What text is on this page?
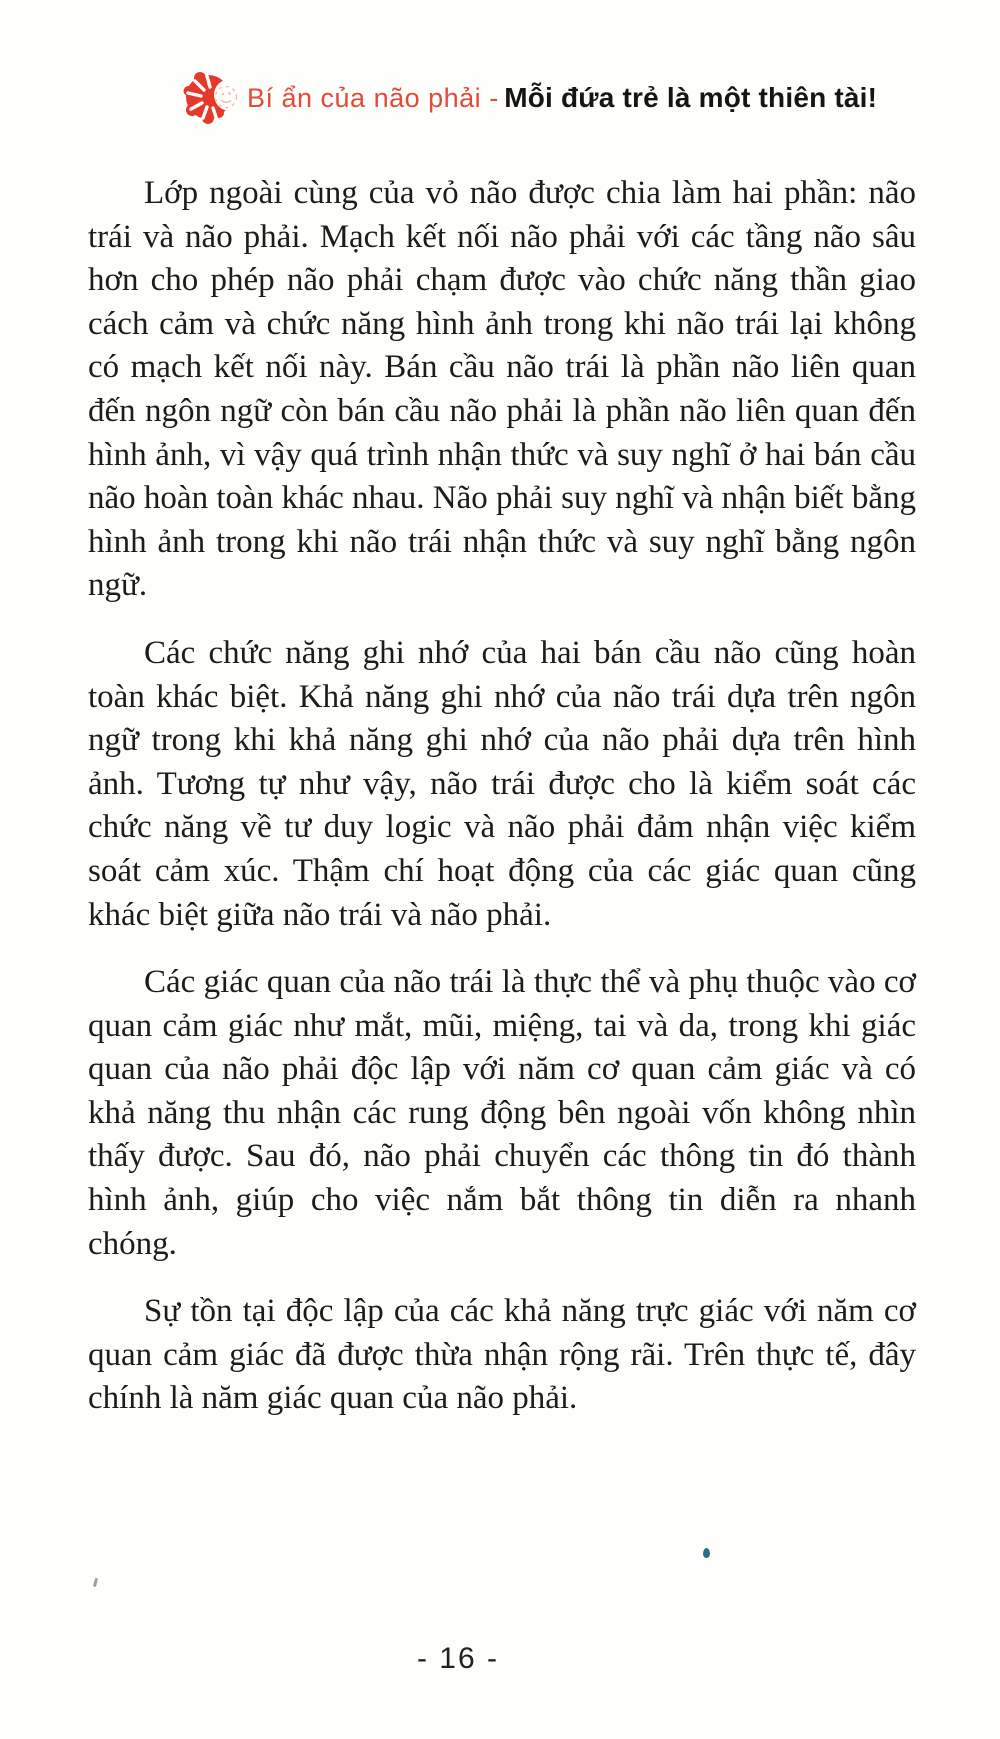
Bí ẩn của não phải - Mỗi đứa trẻ là một thiên tài!

Lớp ngoài cùng của vỏ não được chia làm hai phần: não trái và não phải. Mạch kết nối não phải với các tầng não sâu hơn cho phép não phải chạm được vào chức năng thần giao cách cảm và chức năng hình ảnh trong khi não trái lại không có mạch kết nối này. Bán cầu não trái là phần não liên quan đến ngôn ngữ còn bán cầu não phải là phần não liên quan đến hình ảnh, vì vậy quá trình nhận thức và suy nghĩ ở hai bán cầu não hoàn toàn khác nhau. Não phải suy nghĩ và nhận biết bằng hình ảnh trong khi não trái nhận thức và suy nghĩ bằng ngôn ngữ.

Các chức năng ghi nhớ của hai bán cầu não cũng hoàn toàn khác biệt. Khả năng ghi nhớ của não trái dựa trên ngôn ngữ trong khi khả năng ghi nhớ của não phải dựa trên hình ảnh. Tương tự như vậy, não trái được cho là kiểm soát các chức năng về tư duy logic và não phải đảm nhận việc kiểm soát cảm xúc. Thậm chí hoạt động của các giác quan cũng khác biệt giữa não trái và não phải.

Các giác quan của não trái là thực thể và phụ thuộc vào cơ quan cảm giác như mắt, mũi, miệng, tai và da, trong khi giác quan của não phải độc lập với năm cơ quan cảm giác và có khả năng thu nhận các rung động bên ngoài vốn không nhìn thấy được. Sau đó, não phải chuyển các thông tin đó thành hình ảnh, giúp cho việc nắm bắt thông tin diễn ra nhanh chóng.

Sự tồn tại độc lập của các khả năng trực giác với năm cơ quan cảm giác đã được thừa nhận rộng rãi. Trên thực tế, đây chính là năm giác quan của não phải.

- 16 -
